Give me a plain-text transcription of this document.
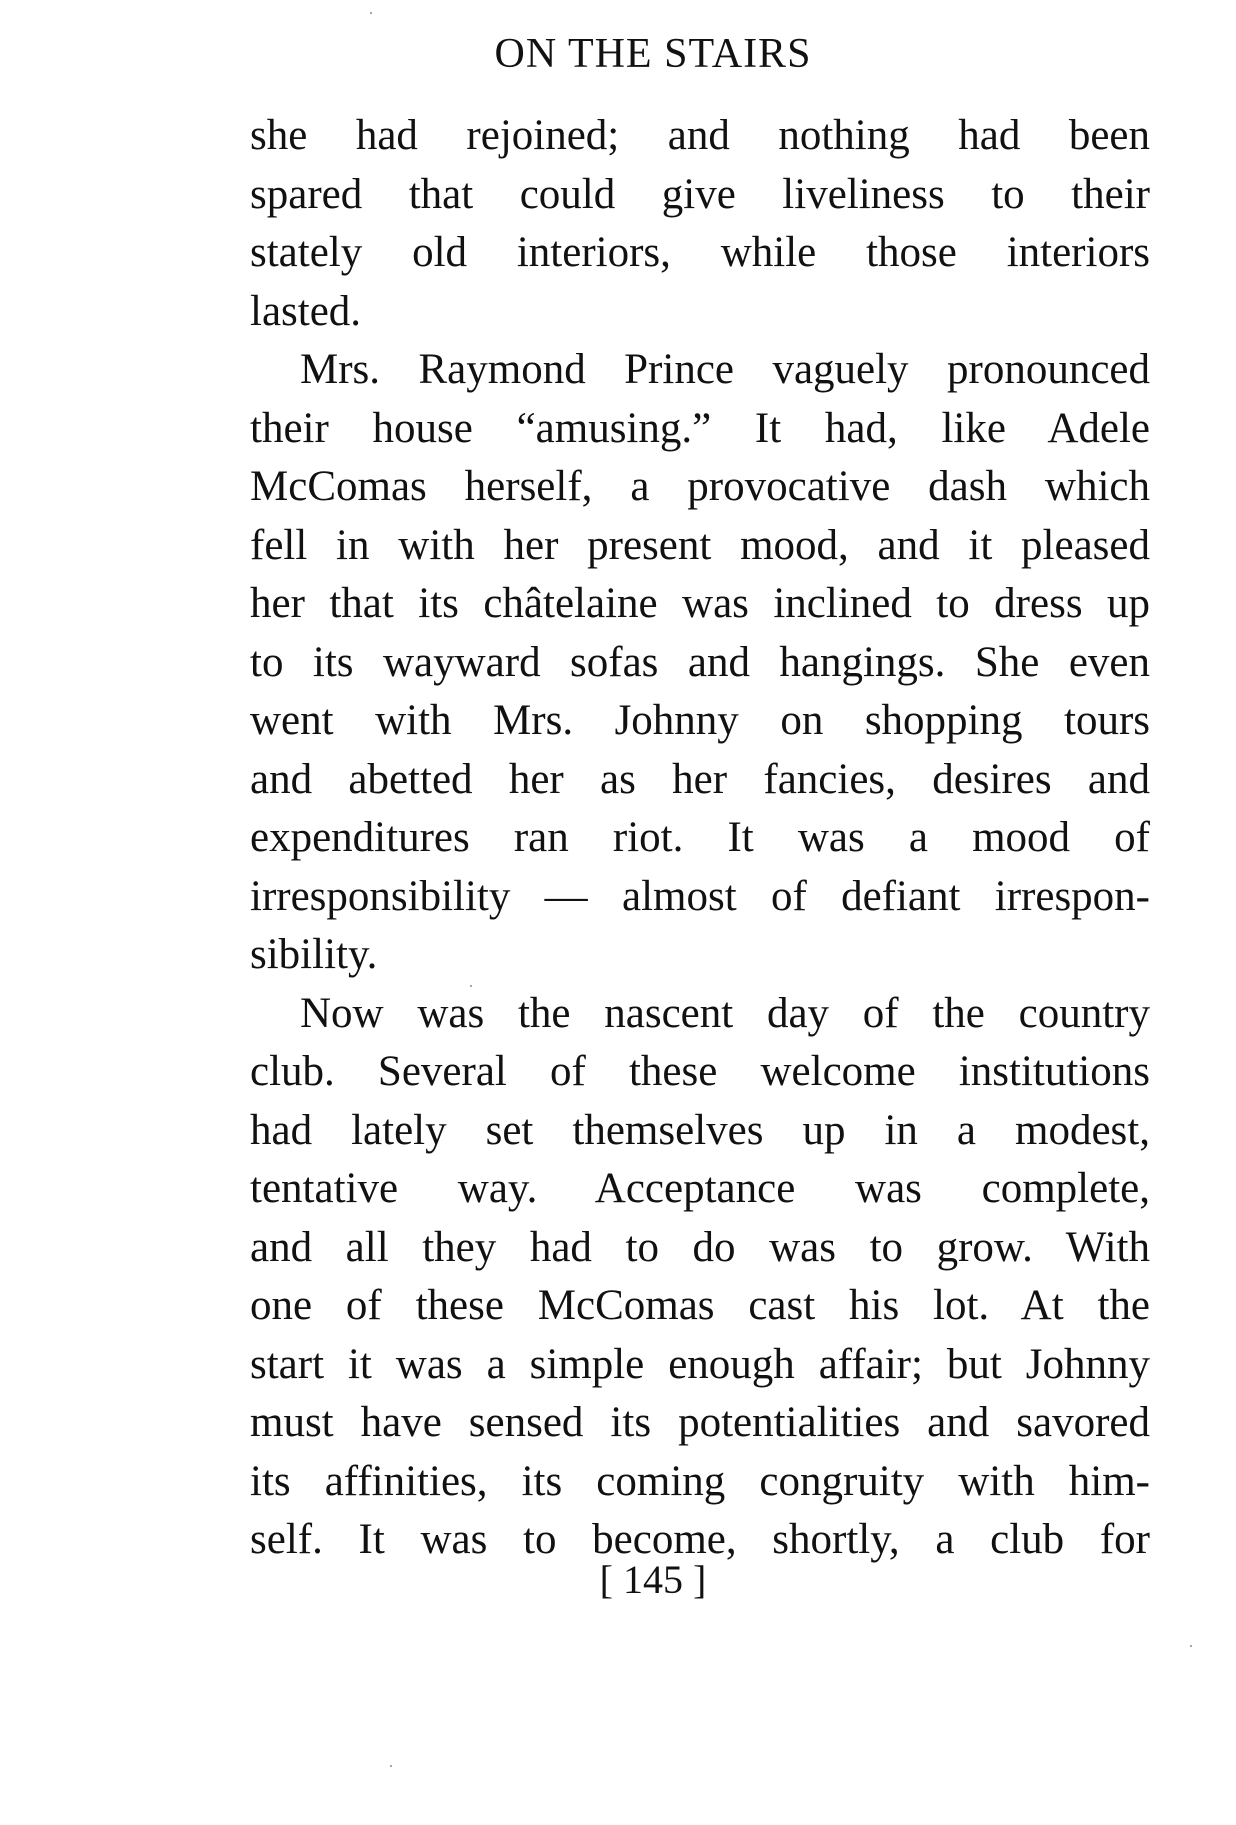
ON THE STAIRS
she had rejoined; and nothing had been
spared that could give liveliness to their
stately old interiors, while those interiors
lasted.
Mrs. Raymond Prince vaguely pronounced
their house “amusing.” It had, like Adele
McComas herself, a provocative dash which
fell in with her present mood, and it pleased
her that its châtelaine was inclined to dress up
to its wayward sofas and hangings. She even
went with Mrs. Johnny on shopping tours
and abetted her as her fancies, desires and
expenditures ran riot. It was a mood of
irresponsibility — almost of defiant irrespon-
sibility.
Now was the nascent day of the country
club. Several of these welcome institutions
had lately set themselves up in a modest,
tentative way. Acceptance was complete,
and all they had to do was to grow. With
one of these McComas cast his lot. At the
start it was a simple enough affair; but Johnny
must have sensed its potentialities and savored
its affinities, its coming congruity with him-
self. It was to become, shortly, a club for
[ 145 ]
